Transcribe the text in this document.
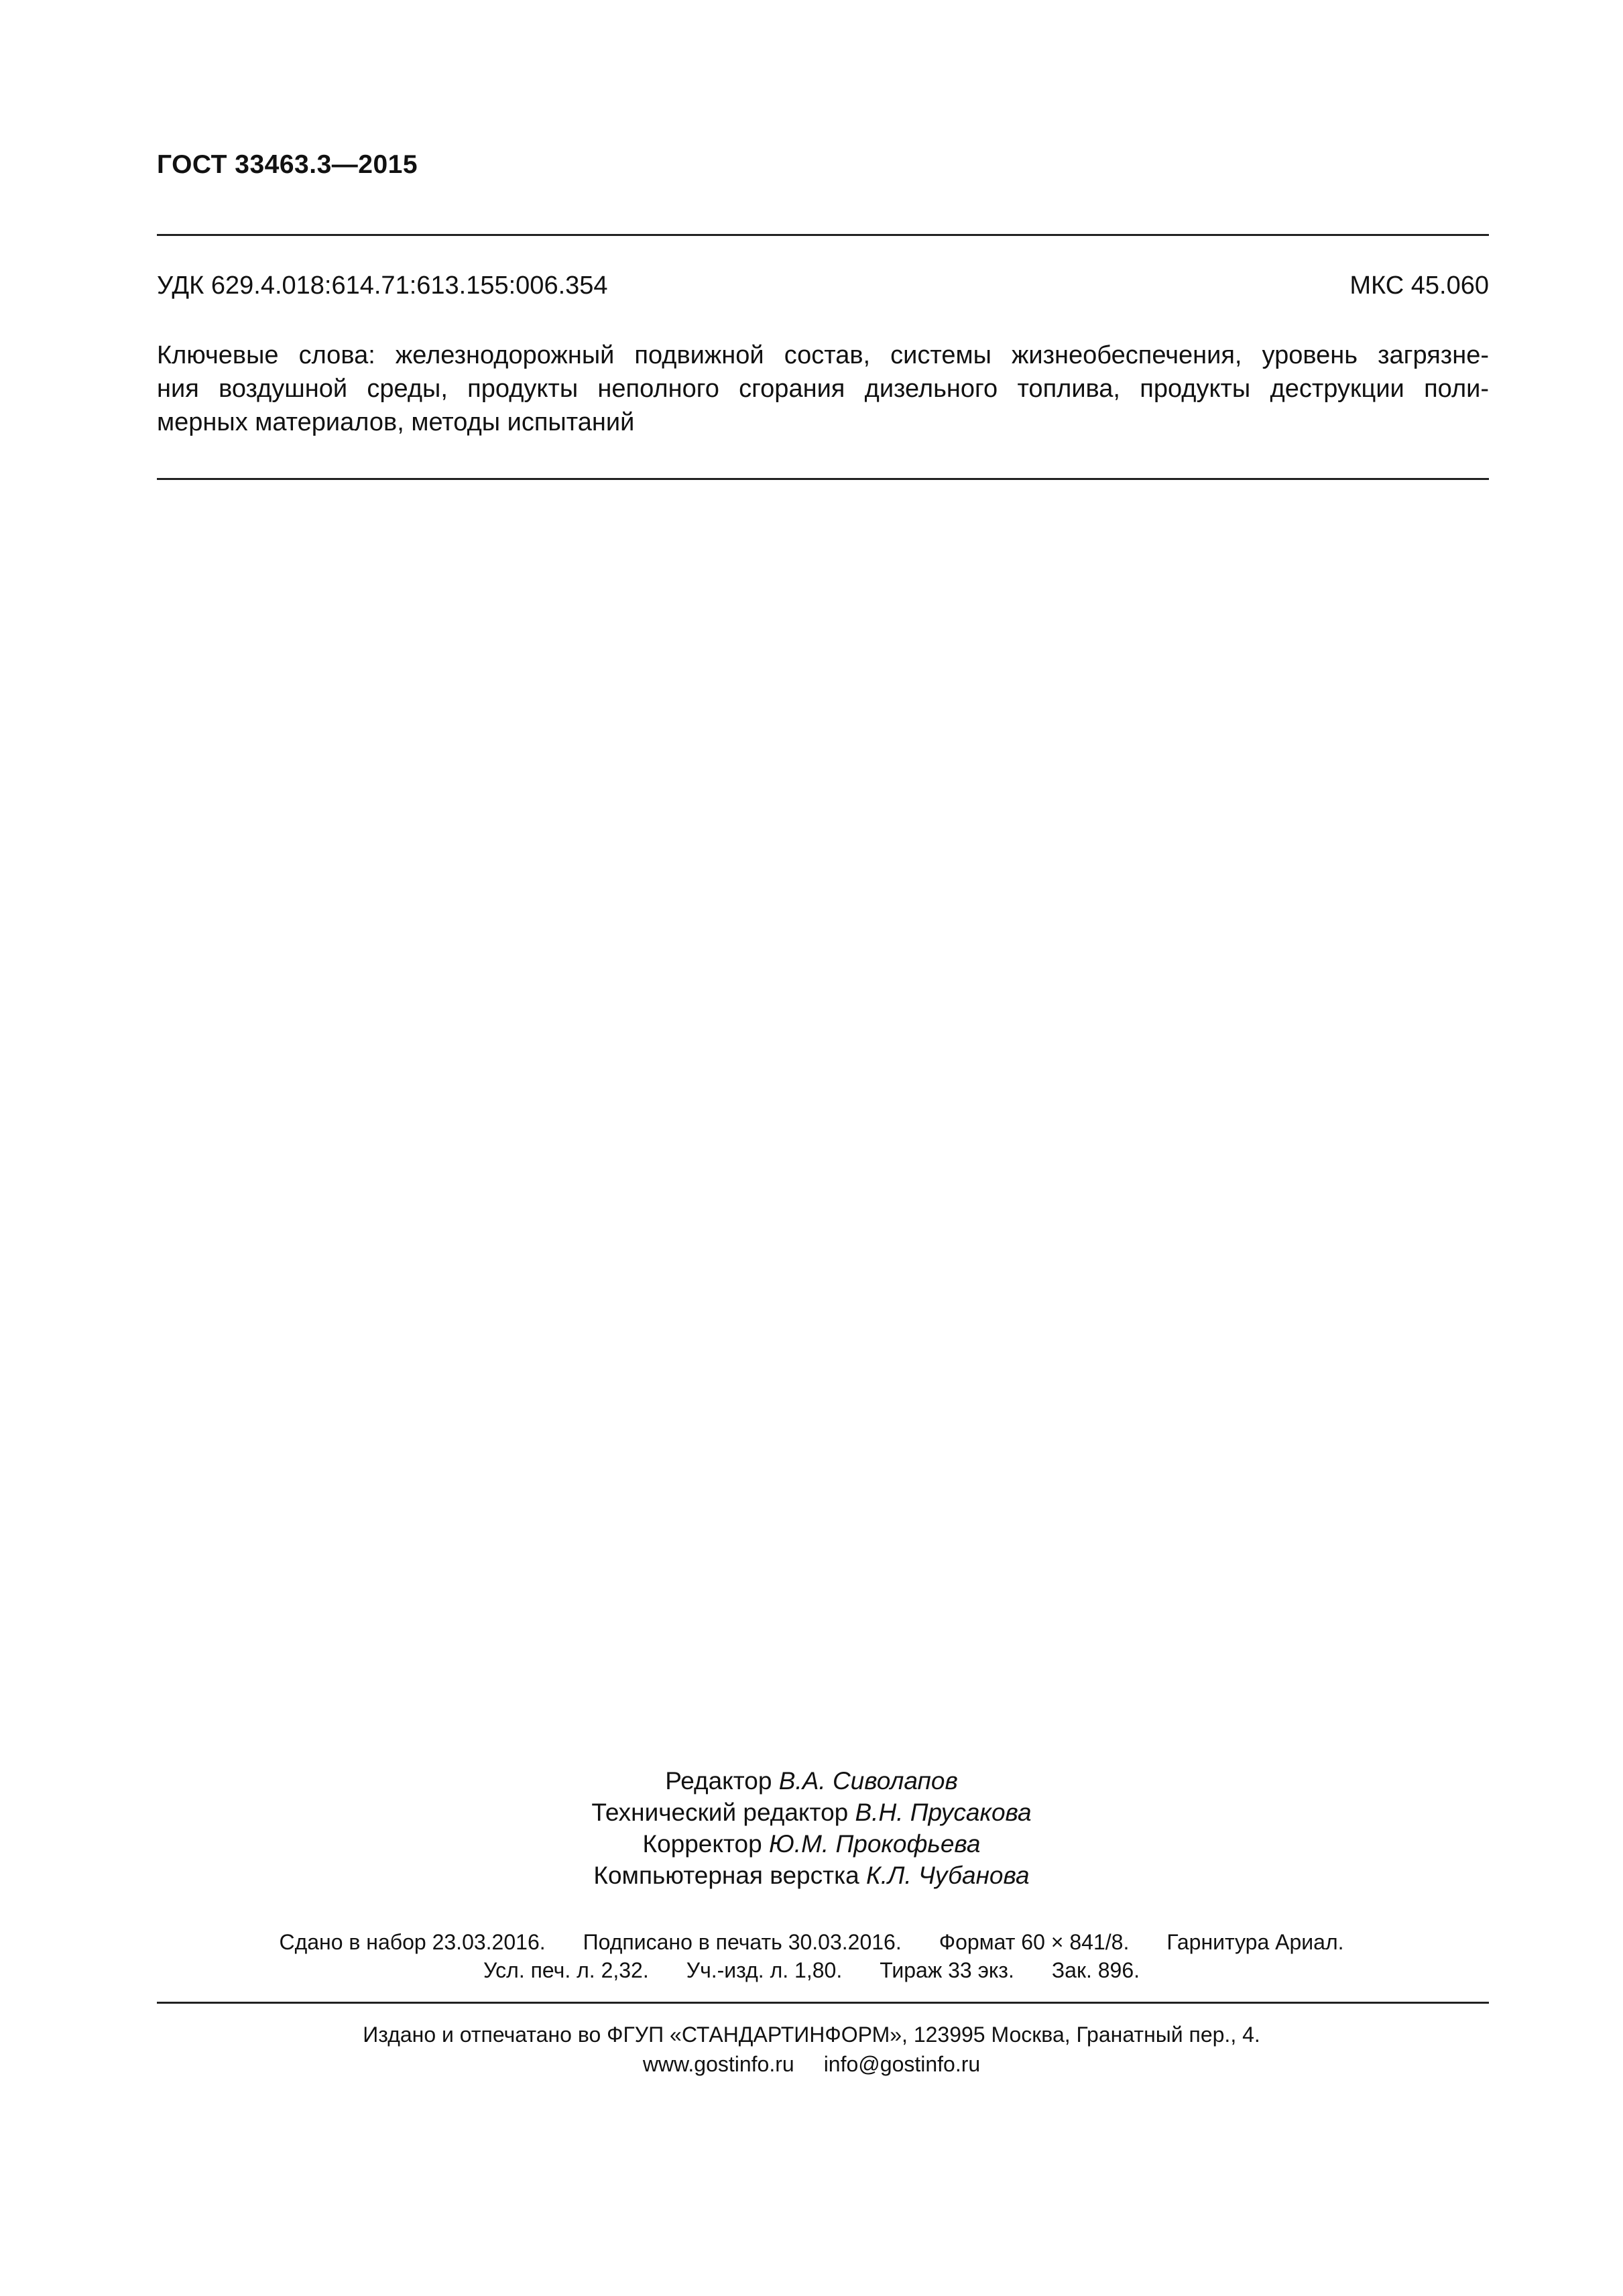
ГОСТ 33463.3—2015
УДК 629.4.018:614.71:613.155:006.354	МКС 45.060
Ключевые слова: железнодорожный подвижной состав, системы жизнеобеспечения, уровень загрязне-
ния воздушной среды, продукты неполного сгорания дизельного топлива, продукты деструкции поли-
мерных материалов, методы испытаний
Редактор В.А. Сиволапов
Технический редактор В.Н. Прусакова
Корректор Ю.М. Прокофьева
Компьютерная верстка К.Л. Чубанова
Сдано в набор 23.03.2016. Подписано в печать 30.03.2016. Формат 60 × 841/8. Гарнитура Ариал.
Усл. печ. л. 2,32. Уч.-изд. л. 1,80. Тираж 33 экз. Зак. 896.
Издано и отпечатано во ФГУП «СТАНДАРТИНФОРМ», 123995 Москва, Гранатный пер., 4.
www.gostinfo.ru info@gostinfo.ru
